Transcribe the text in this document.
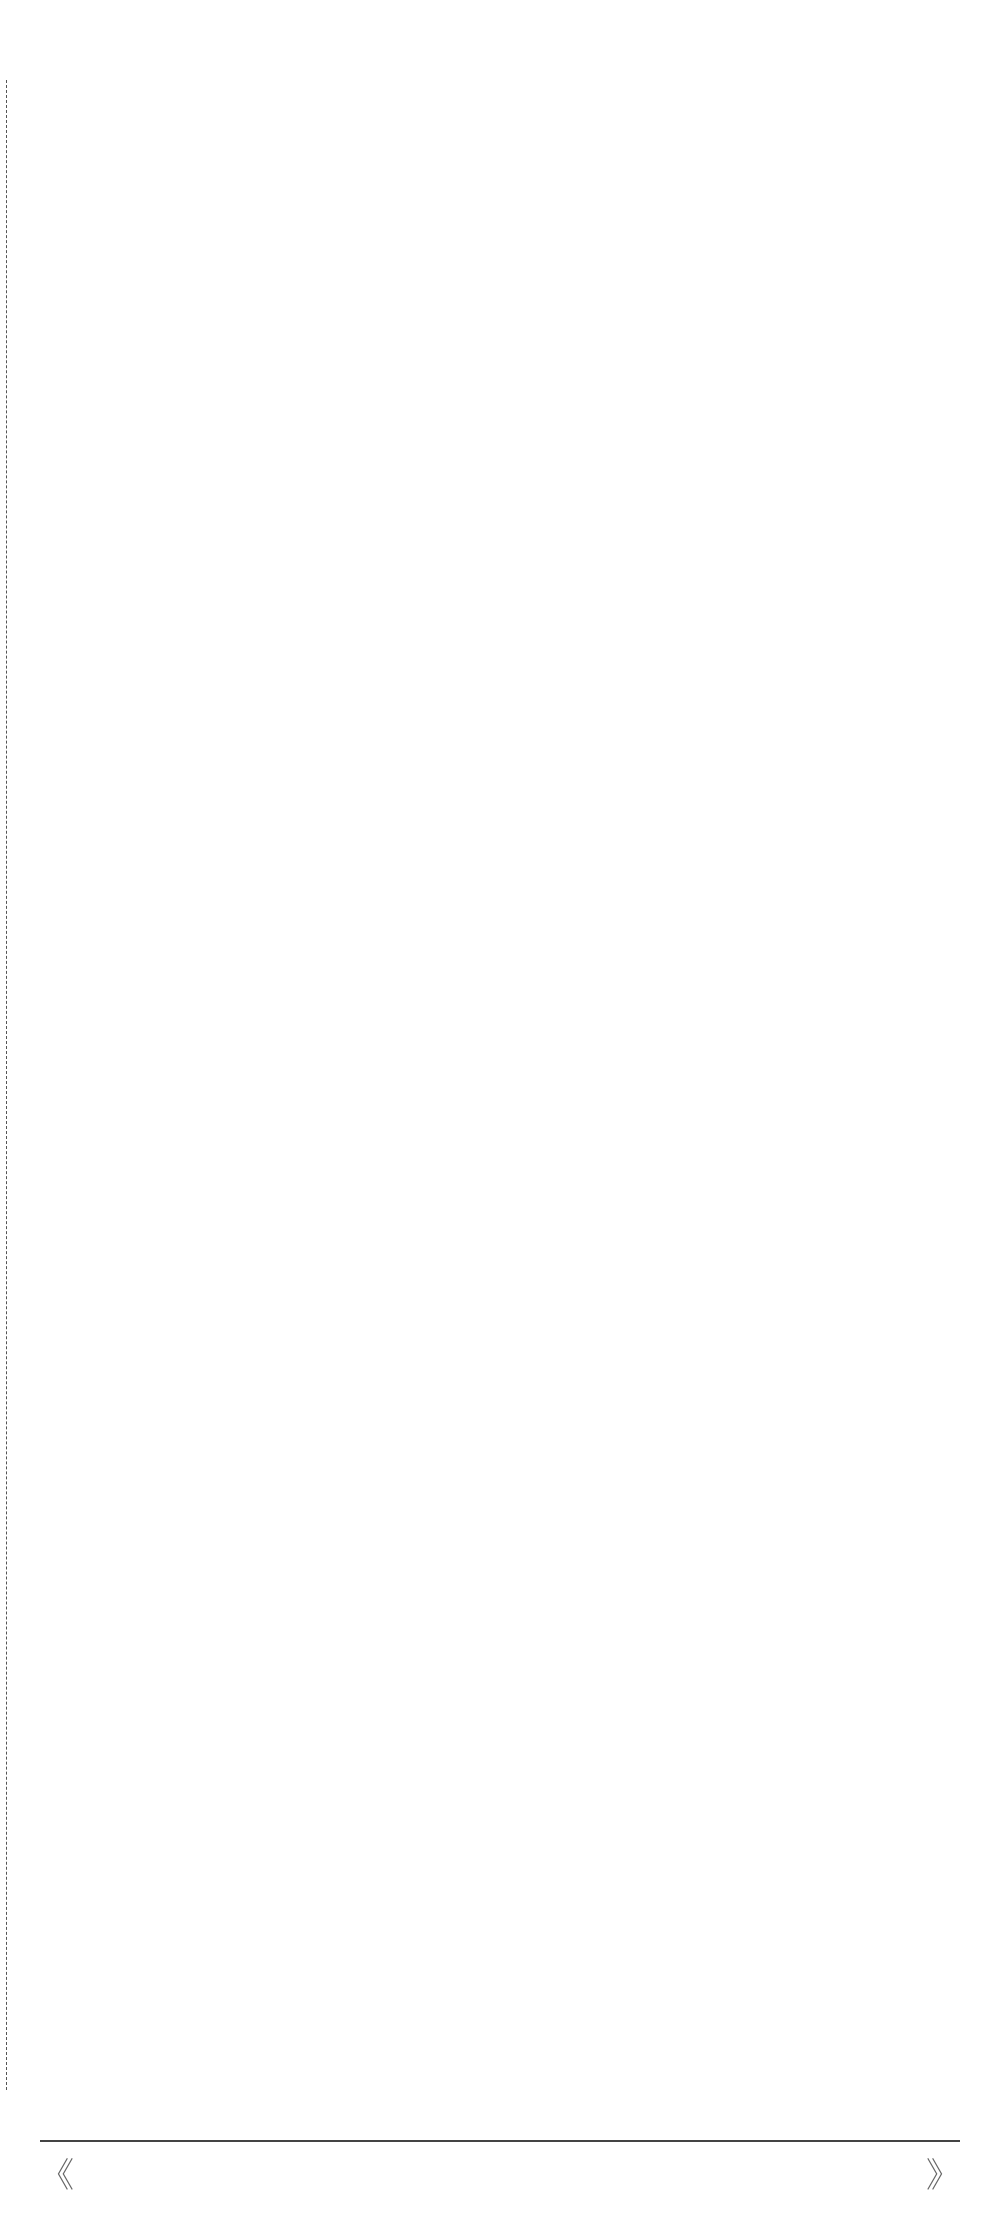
《	》
